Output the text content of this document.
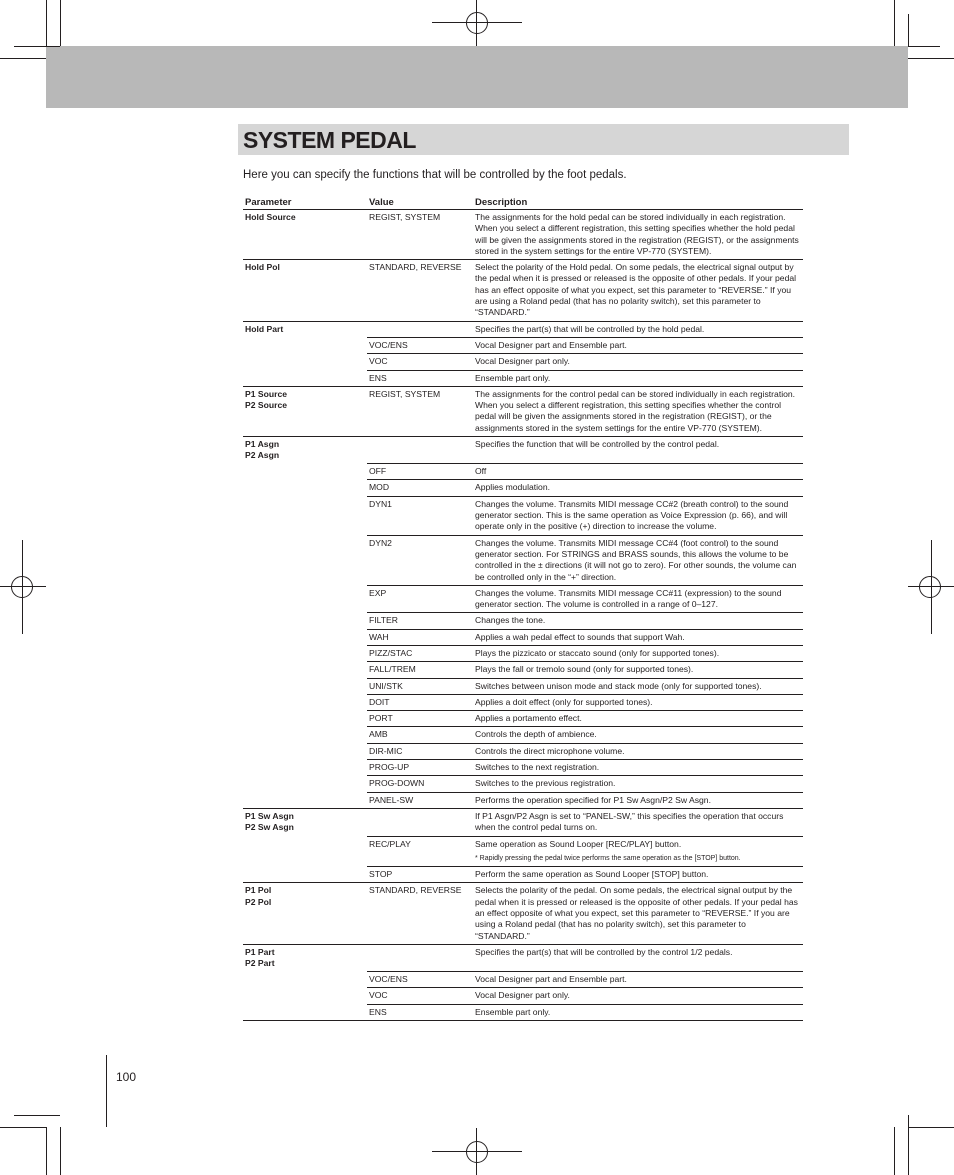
SYSTEM PEDAL
Here you can specify the functions that will be controlled by the foot pedals.
Parameter	Value	Description

Hold Source	REGIST, SYSTEM	The assignments for the hold pedal can be stored individually in each registration. When you select a different registration, this setting specifies whether the hold pedal will be given the assignments stored in the registration (REGIST), or the assignments stored in the system settings for the entire VP-770 (SYSTEM).

Hold Pol	STANDARD, REVERSE	Select the polarity of the Hold pedal. On some pedals, the electrical signal output by the pedal when it is pressed or released is the opposite of other pedals. If your pedal has an effect opposite of what you expect, set this parameter to “REVERSE.” If you are using a Roland pedal (that has no polarity switch), set this parameter to “STANDARD.”

Hold Part		Specifies the part(s) that will be controlled by the hold pedal.
	VOC/ENS	Vocal Designer part and Ensemble part.
	VOC	Vocal Designer part only.
	ENS	Ensemble part only.

P1 Source
P2 Source	REGIST, SYSTEM	The assignments for the control pedal can be stored individually in each registration. When you select a different registration, this setting specifies whether the control pedal will be given the assignments stored in the registration (REGIST), or the assignments stored in the system settings for the entire VP-770 (SYSTEM).

P1 Asgn
P2 Asgn		Specifies the function that will be controlled by the control pedal.
	OFF	Off
	MOD	Applies modulation.
	DYN1	Changes the volume. Transmits MIDI message CC#2 (breath control) to the sound generator section. This is the same operation as Voice Expression (p. 66), and will operate only in the positive (+) direction to increase the volume.
	DYN2	Changes the volume. Transmits MIDI message CC#4 (foot control) to the sound generator section. For STRINGS and BRASS sounds, this allows the volume to be controlled in the ± directions (it will not go to zero). For other sounds, the volume can be controlled only in the “+” direction.
	EXP	Changes the volume. Transmits MIDI message CC#11 (expression) to the sound generator section. The volume is controlled in a range of 0–127.
	FILTER	Changes the tone.
	WAH	Applies a wah pedal effect to sounds that support Wah.
	PIZZ/STAC	Plays the pizzicato or staccato sound (only for supported tones).
	FALL/TREM	Plays the fall or tremolo sound (only for supported tones).
	UNI/STK	Switches between unison mode and stack mode (only for supported tones).
	DOIT	Applies a doit effect (only for supported tones).
	PORT	Applies a portamento effect.
	AMB	Controls the depth of ambience.
	DIR-MIC	Controls the direct microphone volume.
	PROG-UP	Switches to the next registration.
	PROG-DOWN	Switches to the previous registration.
	PANEL-SW	Performs the operation specified for P1 Sw Asgn/P2 Sw Asgn.

P1 Sw Asgn
P2 Sw Asgn		If P1 Asgn/P2 Asgn is set to “PANEL-SW,” this specifies the operation that occurs when the control pedal turns on.
	REC/PLAY	Same operation as Sound Looper [REC/PLAY] button.
* Rapidly pressing the pedal twice performs the same operation as the [STOP] button.

	STOP	Perform the same operation as Sound Looper [STOP] button.

P1 Pol
P2 Pol	STANDARD, REVERSE	Selects the polarity of the pedal. On some pedals, the electrical signal output by the pedal when it is pressed or released is the opposite of other pedals. If your pedal has an effect opposite of what you expect, set this parameter to “REVERSE.” If you are using a Roland pedal (that has no polarity switch), set this parameter to “STANDARD.”

P1 Part
P2 Part		Specifies the part(s) that will be controlled by the control 1/2 pedals.
	VOC/ENS	Vocal Designer part and Ensemble part.
	VOC	Vocal Designer part only.
	ENS	Ensemble part only.
100
